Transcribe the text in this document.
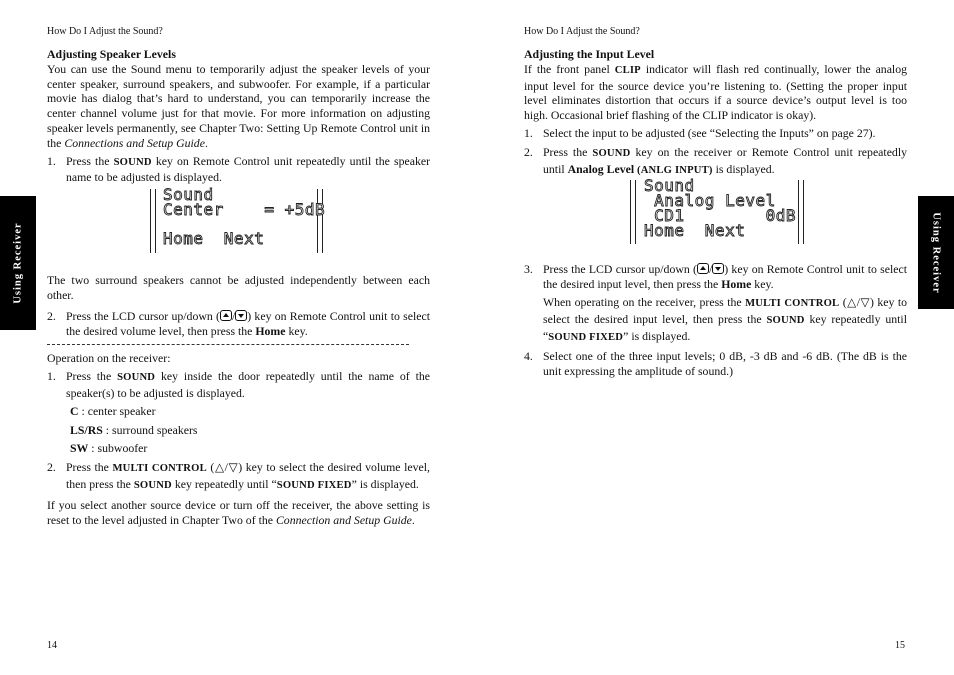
How Do I Adjust the Sound?
Using Receiver
Adjusting Speaker Levels

You can use the Sound menu to temporarily adjust the speaker levels of your center speaker, surround speakers, and subwoofer. For example, if a particular movie has dialog that’s hard to understand, you can temporarily increase the center channel volume just for that movie. For more information on adjusting speaker levels permanently, see Chapter Two: Setting Up Remote Control unit in the Connections and Setup Guide.

1. Press the SOUND key on Remote Control unit repeatedly until the speaker name to be adjusted is displayed.
Sound
Center    = +5dB
Home  Next

The two surround speakers cannot be adjusted independently between each other.

2. Press the LCD cursor up/down ( / ) key on Remote Control unit to select the desired volume level, then press the Home key.

Operation on the receiver:

1. Press the SOUND key inside the door repeatedly until the name of the speaker(s) to be adjusted is displayed.
C : center speaker
LS/RS : surround speakers
SW : subwoofer
2. Press the MULTI CONTROL (△/▽) key to select the desired volume level, then press the SOUND key repeatedly until “SOUND FIXED” is displayed.

If you select another source device or turn off the receiver, the above setting is reset to the level adjusted in Chapter Two of the Connection and Setup Guide.

14
How Do I Adjust the Sound?
Using Receiver
Adjusting the Input Level

If the front panel CLIP indicator will flash red continually, lower the analog input level for the source device you’re listening to. (Setting the proper input level eliminates distortion that occurs if a source device’s output level is too high. Occasional brief flashing of the CLIP indicator is okay).

1. Select the input to be adjusted (see “Selecting the Inputs” on page 27).
2. Press the SOUND key on the receiver or Remote Control unit repeatedly until Analog Level (ANLG INPUT) is displayed.
Sound
Analog Level
CD1        0dB
Home  Next
3. Press the LCD cursor up/down ( / ) key on Remote Control unit to select the desired input level, then press the Home key.
When operating on the receiver, press the MULTI CONTROL (△/▽) key to select the desired input level, then press the SOUND key repeatedly until “SOUND FIXED” is displayed.
4. Select one of the three input levels; 0 dB, -3 dB and -6 dB. (The dB is the unit expressing the amplitude of sound.)
15
